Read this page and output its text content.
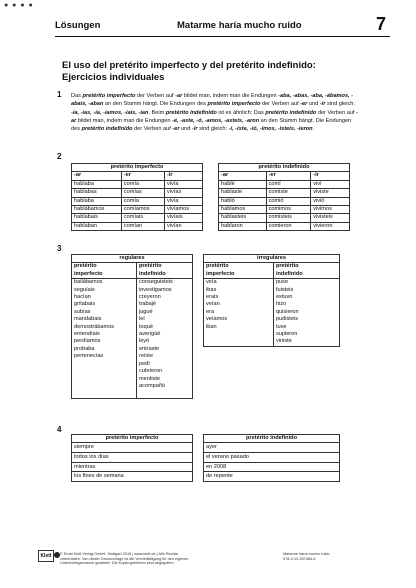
● ● ● ●
Lösungen	Matarme haría mucho ruido	7
El uso del pretérito imperfecto y del pretérito indefinido:
Ejercicios individuales
1 Das pretérito imperfecto der Verben auf -ar bildet man, indem man die Endungen -aba, -abas, -aba, -ábamos, -abais, -aban an den Stamm hängt. Die Endungen des pretérito imperfecto der Verben auf -er und -ir sind gleich: -ía, -ías, -ía, -íamos, -íais, -ían. Beim pretérito indefinido ist es ähnlich: Das pretérito indefinido der Verben auf -ar bildet man, indem man die Endungen -é, -aste, -ó, -amos, -asteis, -aron an den Stamm hängt. Die Endungen des pretérito indefinido der Verben auf -er und -ir sind gleich: -í, -iste, -ió, -imos, -isteis, -ieron.
2
pretérito imperfecto		
-ar	-er	-ir
hablaba	comía	vivía
hablabas	comías	vivías
hablaba	comía	vivía
hablábamos	comíamos	vivíamos
hablabais	comíais	vivíais
hablaban	comían	vivían
pretérito indefinido		
-ar	-er	-ir
hablé	comí	viví
hablaste	comiste	viviste
habló	comió	vivió
hablamos	comimos	vivimos
hablasteis	comisteis	vivisteis
hablaron	comieron	vivieron
3
regulares	
pretérito	pretérito
imperfecto	indefinido
bailábamos	conseguisteis
seguíais	investigamos
hacían	creyeron
gritabais	trabajé
subías	jugué
mandabais	leí
demostrábamos	toqué
entendíais	averigüé
perdíamos	leyó
probaba	entraste
pertenecías	reíste
	pedí
	cubrieron
	mentiste
	acompañó

irregulares	
pretérito	pretérito
imperfecto	indefinido
veía	puse
ibas	fuisteis
erais	estuvo
veían	hizo
era	quisieron
veíamos	pudisteis
iban	tuve
	supieron
	viniste
4
pretérito imperfecto
siempre
todos los días
mientras
los fines de semana
pretérito indefinido
ayer
el verano pasado
en 2008
de repente
Klett	© Ernst Klett Verlag GmbH, Stuttgart 2015 | www.klett.de | Alle Rechte
vorbehalten. Von dieser Druckvorlage ist die Vervielfältigung für den eigenen
Unterrichtsgebrauch gestattet. Die Kopiergebühren sind abgegolten.
Matarme haría mucho ruido
978-3-12-537464-6
